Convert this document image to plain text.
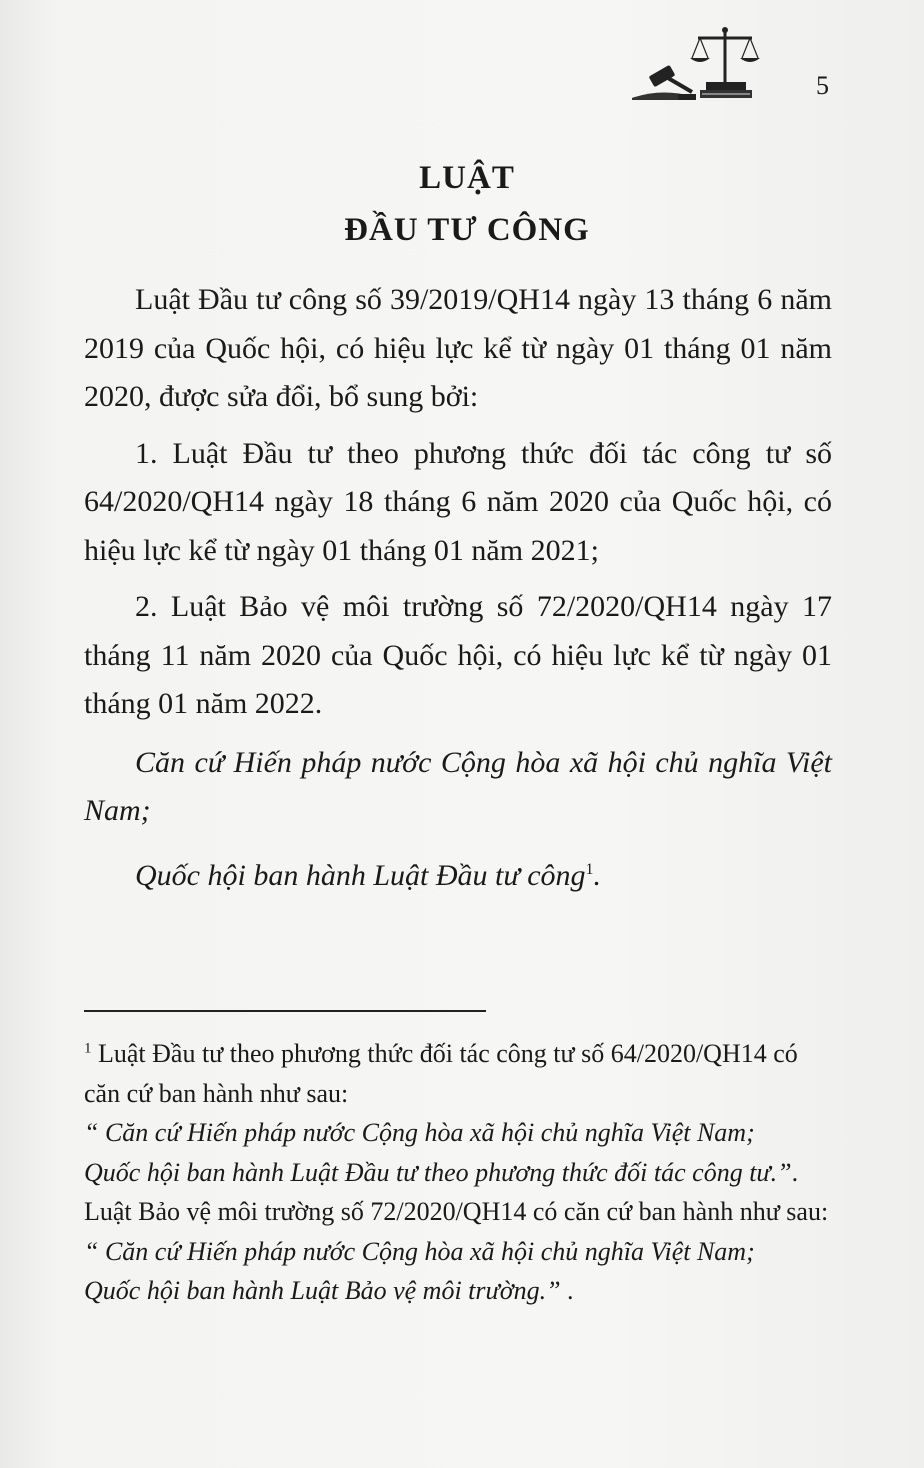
5
LUẬT
ĐẦU TƯ CÔNG

Luật Đầu tư công số 39/2019/QH14 ngày 13 tháng 6 năm 2019 của Quốc hội, có hiệu lực kể từ ngày 01 tháng 01 năm 2020, được sửa đổi, bổ sung bởi:

1. Luật Đầu tư theo phương thức đối tác công tư số 64/2020/QH14 ngày 18 tháng 6 năm 2020 của Quốc hội, có hiệu lực kể từ ngày 01 tháng 01 năm 2021;

2. Luật Bảo vệ môi trường số 72/2020/QH14 ngày 17 tháng 11 năm 2020 của Quốc hội, có hiệu lực kể từ ngày 01 tháng 01 năm 2022.

Căn cứ Hiến pháp nước Cộng hòa xã hội chủ nghĩa Việt Nam;

Quốc hội ban hành Luật Đầu tư công$^1$.

$^1$ Luật Đầu tư theo phương thức đối tác công tư số 64/2020/QH14 có căn cứ ban hành như sau:

“ Căn cứ Hiến pháp nước Cộng hòa xã hội chủ nghĩa Việt Nam;

Quốc hội ban hành Luật Đầu tư theo phương thức đối tác công tư.”.

Luật Bảo vệ môi trường số 72/2020/QH14 có căn cứ ban hành như sau:

“ Căn cứ Hiến pháp nước Cộng hòa xã hội chủ nghĩa Việt Nam;

Quốc hội ban hành Luật Bảo vệ môi trường.” .
